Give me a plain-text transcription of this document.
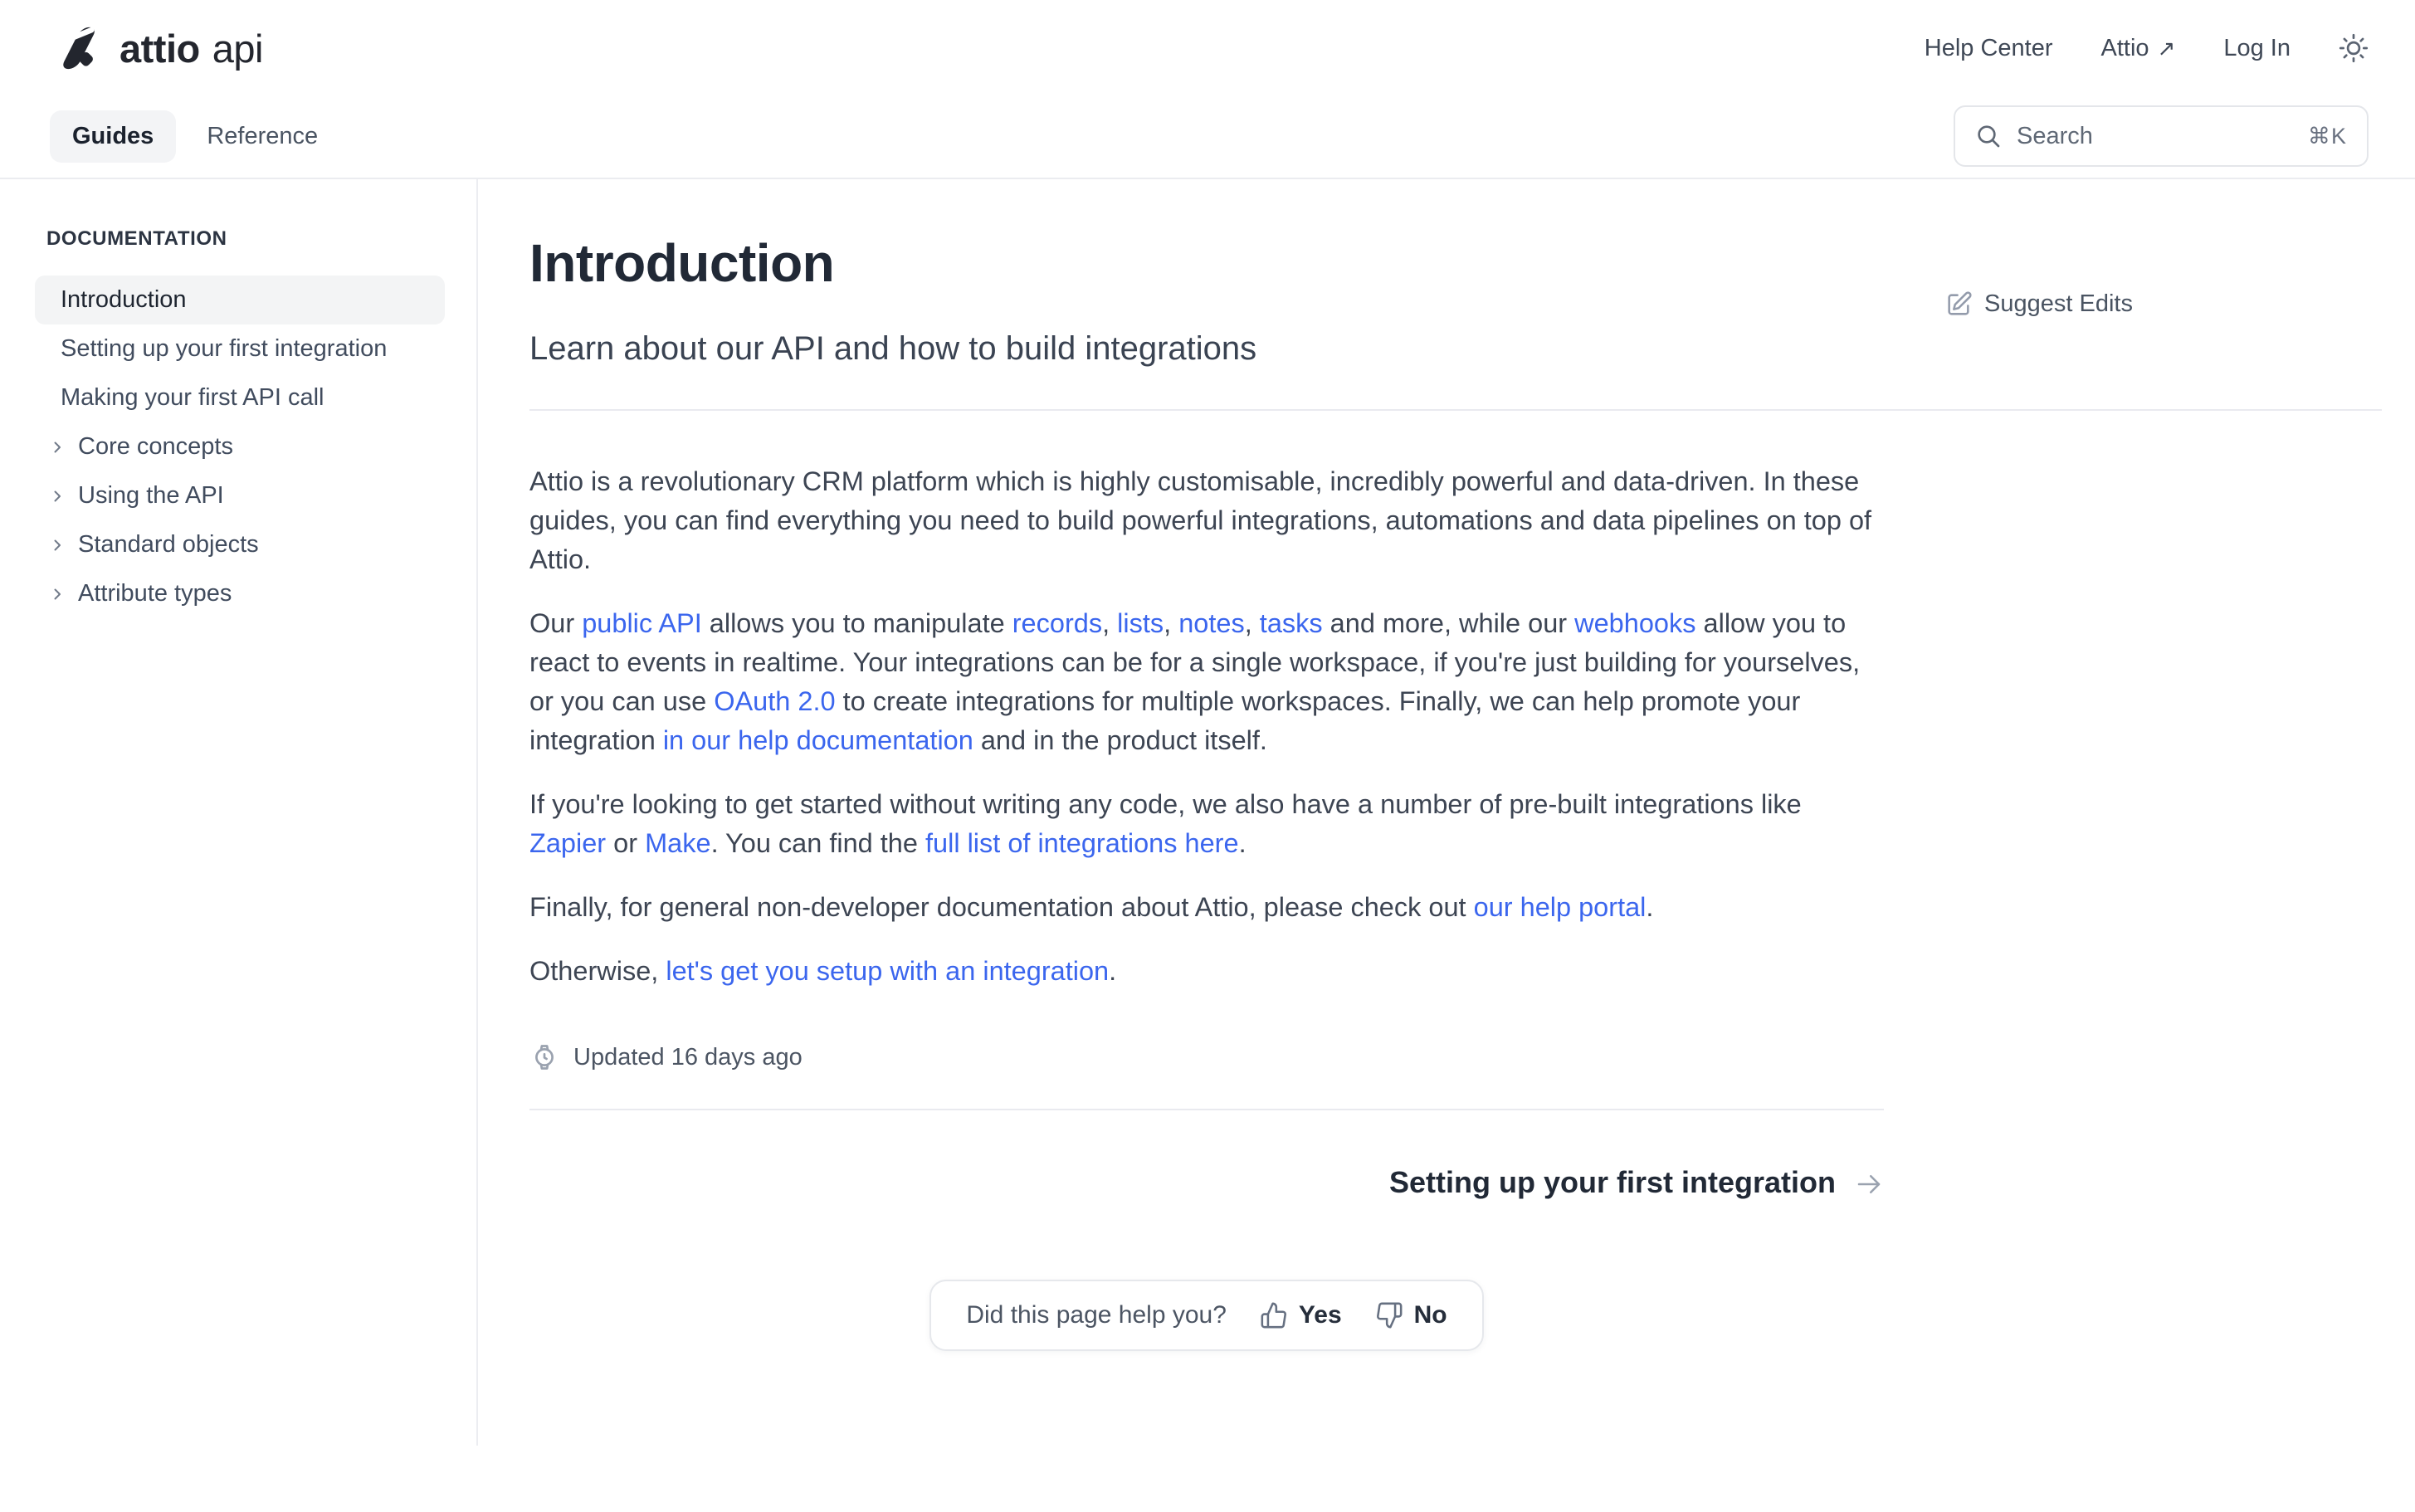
attio api	Help Center Attio ↗ Log In
Guides	Reference	Search	⌘K
DOCUMENTATION
Introduction
Setting up your first integration
Making your first API call
Core concepts
Using the API
Standard objects
Attribute types
Introduction
Learn about our API and how to build integrations
Suggest Edits

Attio is a revolutionary CRM platform which is highly customisable, incredibly powerful and data-driven. In these guides, you can find everything you need to build powerful integrations, automations and data pipelines on top of Attio.

Our public API allows you to manipulate records, lists, notes, tasks and more, while our webhooks allow you to react to events in realtime. Your integrations can be for a single workspace, if you're just building for yourselves, or you can use OAuth 2.0 to create integrations for multiple workspaces. Finally, we can help promote your integration in our help documentation and in the product itself.

If you're looking to get started without writing any code, we also have a number of pre-built integrations like Zapier or Make. You can find the full list of integrations here.

Finally, for general non-developer documentation about Attio, please check out our help portal.

Otherwise, let's get you setup with an integration.

Updated 16 days ago
Setting up your first integration
Did this page help you?	Yes	No
